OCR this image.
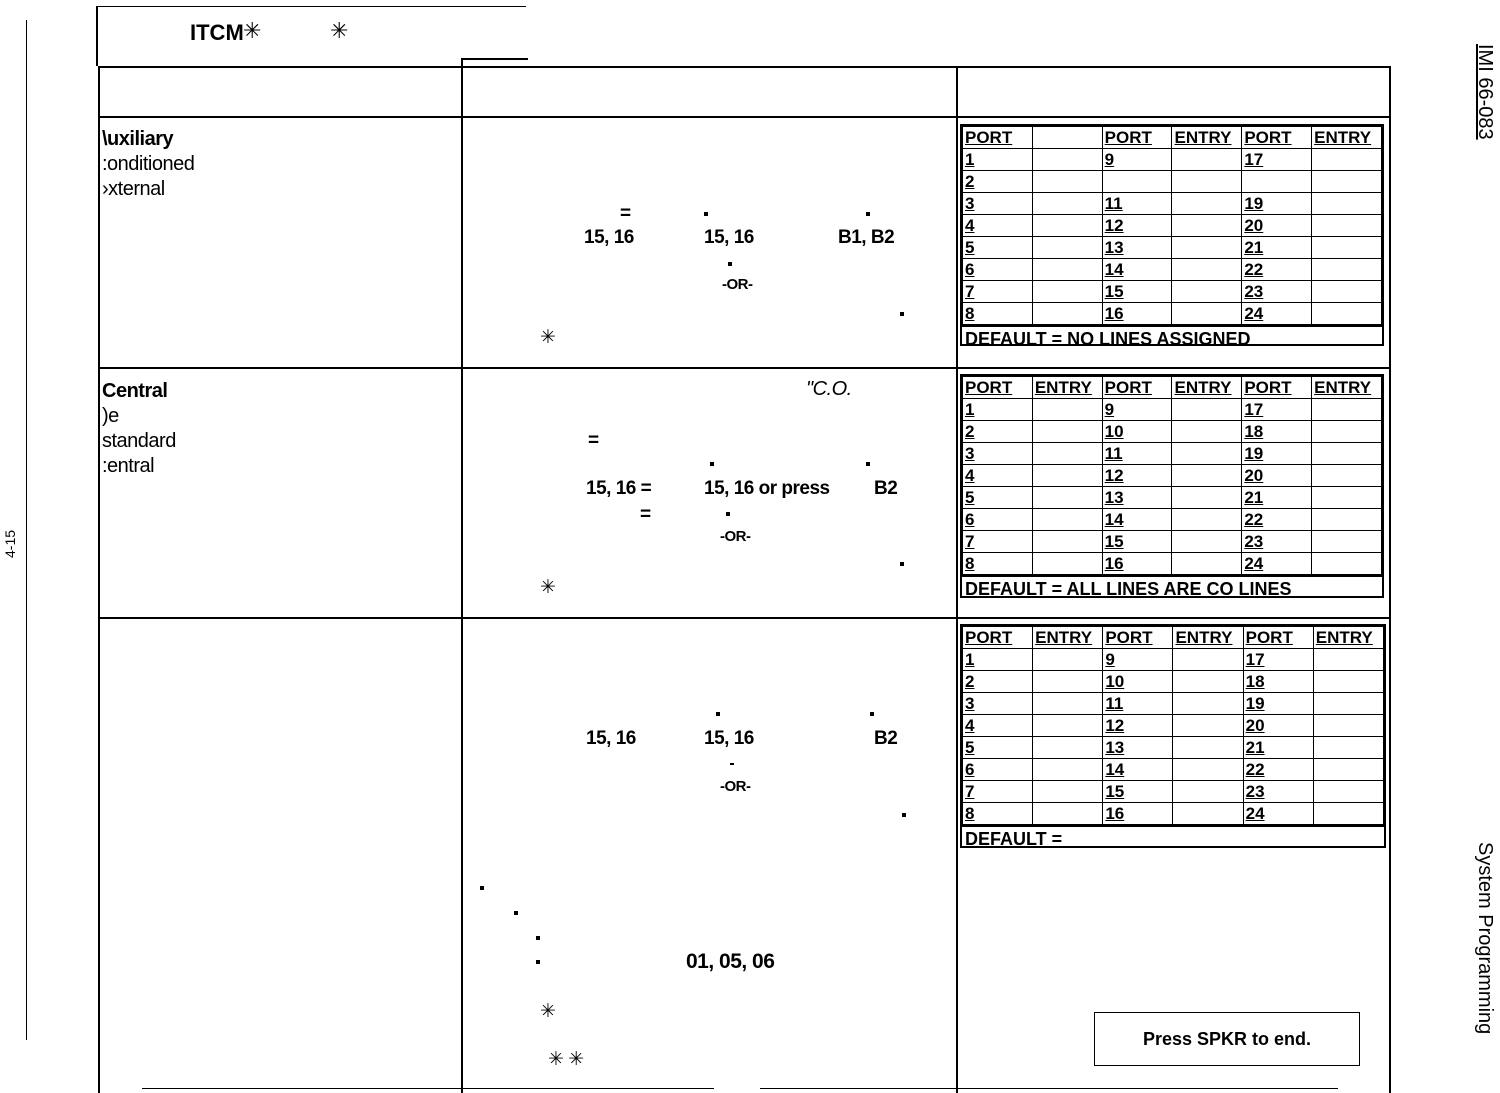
ITCM ✳	✳
IMI 66-083
System Programming
4-15
\uxiliary
:onditioned
›xternal
=
15, 16	15, 16	B1, B2
-OR-
✳
PORT		PORT	ENTRY	PORT	ENTRY
1		9		17	
2					
3		11		19	
4		12		20	
5		13		21	
6		14		22	
7		15		23	
8		16		24	
DEFAULT = NO LINES ASSIGNED
Central
)e
standard
:entral
"C.O.
=
15, 16 =	15, 16 or press B2
=
-OR-
✳
PORT	ENTRY	PORT	ENTRY	PORT	ENTRY
1		9		17	
2		10		18	
3		11		19	
4		12		20	
5		13		21	
6		14		22	
7		15		23	
8		16		24	
DEFAULT = ALL LINES ARE CO LINES
15, 16	15, 16	B2
-OR-
01, 05, 06
✳
✳ ✳
PORT	ENTRY	PORT	ENTRY	PORT	ENTRY
1		9		17	
2		10		18	
3		11		19	
4		12		20	
5		13		21	
6		14		22	
7		15		23	
8		16		24	
DEFAULT =
Press SPKR to end.
